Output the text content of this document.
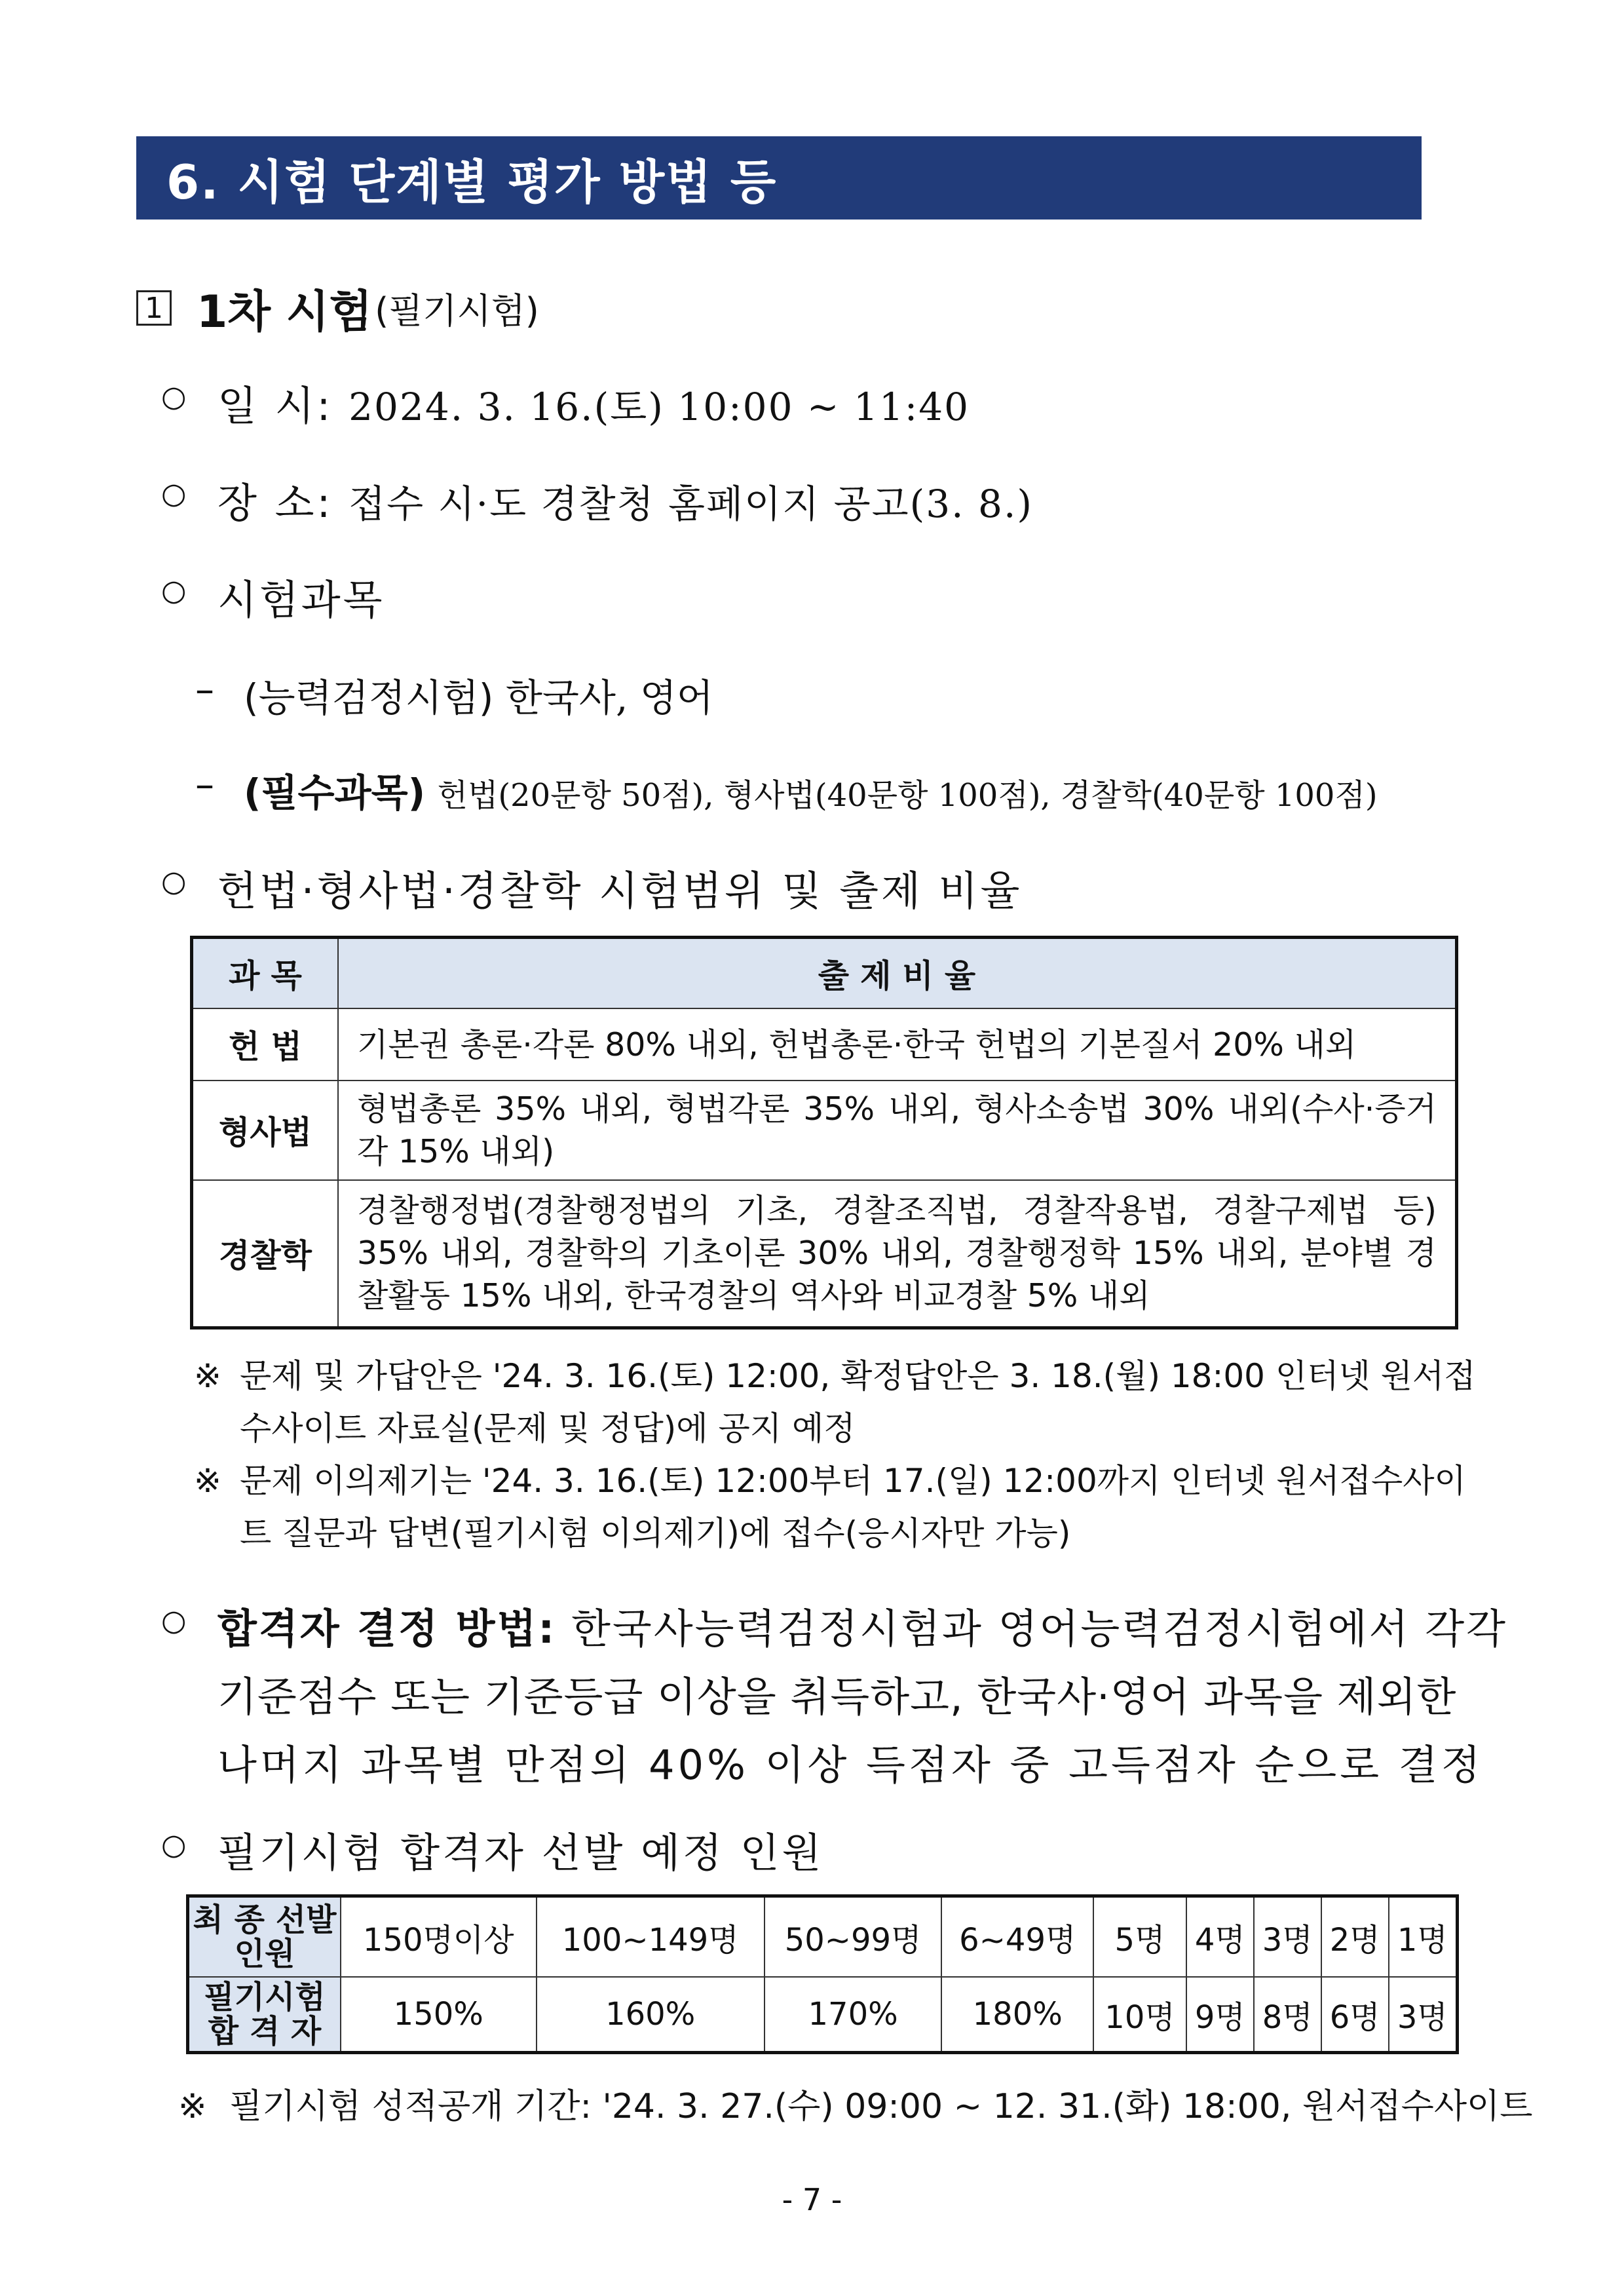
6. 시험 단계별 평가 방법 등
1 1차 시험 (필기시험)
○ 일 시: 2024. 3. 16.(토) 10:00 ~ 11:40
○ 장 소: 접수 시·도 경찰청 홈페이지 공고(3. 8.)
○ 시험과목
– (능력검정시험) 한국사, 영어
– (필수과목) 헌법(20문항 50점), 형사법(40문항 100점), 경찰학(40문항 100점)
○ 헌법·형사법·경찰학 시험범위 및 출제 비율
과 목	출 제 비 율
헌 법	기본권 총론·각론 80% 내외, 헌법총론·한국 헌법의 기본질서 20% 내외
형사법	형법총론 35% 내외, 형법각론 35% 내외, 형사소송법 30% 내외(수사·증거 각 15% 내외)
경찰학	경찰행정법(경찰행정법의 기초, 경찰조직법, 경찰작용법, 경찰구제법 등) 35% 내외, 경찰학의 기초이론 30% 내외, 경찰행정학 15% 내외, 분야별 경찰활동 15% 내외, 한국경찰의 역사와 비교경찰 5% 내외
※ 문제 및 가답안은 '24. 3. 16.(토) 12:00, 확정답안은 3. 18.(월) 18:00 인터넷 원서접수사이트 자료실(문제 및 정답)에 공지 예정
※ 문제 이의제기는 '24. 3. 16.(토) 12:00부터 17.(일) 12:00까지 인터넷 원서접수사이트 질문과 답변(필기시험 이의제기)에 접수(응시자만 가능)
○ 합격자 결정 방법: 한국사능력검정시험과 영어능력검정시험에서 각각
기준점수 또는 기준등급 이상을 취득하고, 한국사·영어 과목을 제외한
나머지 과목별 만점의 40% 이상 득점자 중 고득점자 순으로 결정
○ 필기시험 합격자 선발 예정 인원
최 종 선발인원	150명이상	100~149명	50~99명	6~49명	5명	4명	3명	2명	1명
필기시험 합 격 자	150%	160%	170%	180%	10명	9명	8명	6명	3명
※ 필기시험 성적공개 기간: '24. 3. 27.(수) 09:00 ~ 12. 31.(화) 18:00, 원서접수사이트
- 7 -
